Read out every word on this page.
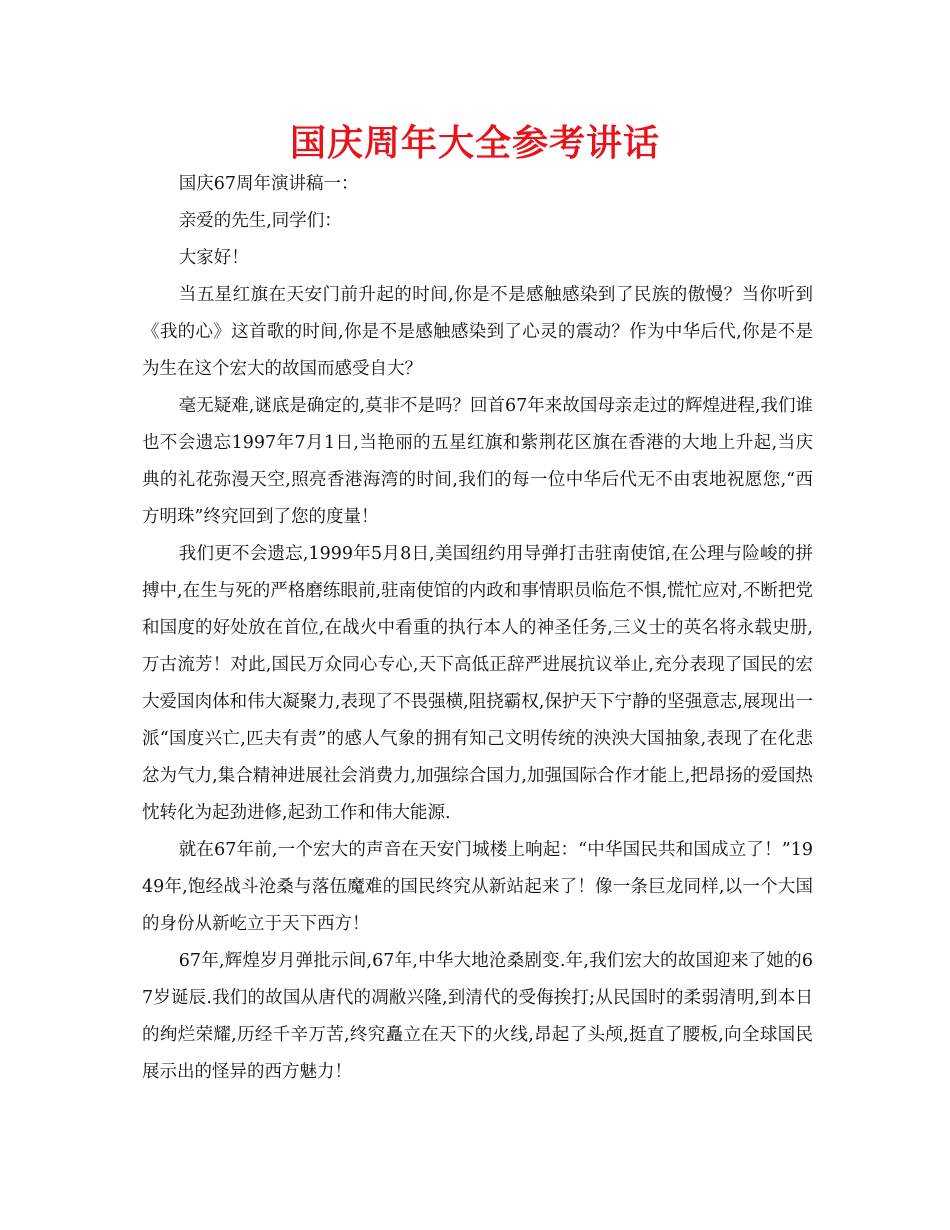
国庆周年大全参考讲话

国庆67周年演讲稿一：

亲爱的先生,同学们：

大家好！

当五星红旗在天安门前升起的时间,你是不是感触感染到了民族的傲慢？当你听到《我的心》这首歌的时间,你是不是感触感染到了心灵的震动？作为中华后代,你是不是为生在这个宏大的故国而感受自大？

毫无疑难,谜底是确定的,莫非不是吗？回首67年来故国母亲走过的辉煌进程,我们谁也不会遗忘1997年7月1日,当艳丽的五星红旗和紫荆花区旗在香港的大地上升起,当庆典的礼花弥漫天空,照亮香港海湾的时间,我们的每一位中华后代无不由衷地祝愿您,“西方明珠”终究回到了您的度量！

我们更不会遗忘,1999年5月8日,美国纽约用导弹打击驻南使馆,在公理与险峻的拼搏中,在生与死的严格磨练眼前,驻南使馆的内政和事情职员临危不惧,慌忙应对,不断把党和国度的好处放在首位,在战火中看重的执行本人的神圣任务,三义士的英名将永载史册,万古流芳！对此,国民万众同心专心,天下高低正辞严进展抗议举止,充分表现了国民的宏大爱国肉体和伟大凝聚力,表现了不畏强横,阻挠霸权,保护天下宁静的坚强意志,展现出一派“国度兴亡,匹夫有责”的感人气象的拥有知己文明传统的泱泱大国抽象,表现了在化悲忿为气力,集合精神进展社会消费力,加强综合国力,加强国际合作才能上,把昂扬的爱国热忱转化为起劲进修,起劲工作和伟大能源.

就在67年前,一个宏大的声音在天安门城楼上响起：“中华国民共和国成立了！”1949年,饱经战斗沧桑与落伍魔难的国民终究从新站起来了！像一条巨龙同样,以一个大国的身份从新屹立于天下西方！

67年,辉煌岁月弹批示间,67年,中华大地沧桑剧变.年,我们宏大的故国迎来了她的67岁诞辰.我们的故国从唐代的凋敝兴隆,到清代的受侮挨打;从民国时的柔弱清明,到本日的绚烂荣耀,历经千辛万苦,终究矗立在天下的火线,昂起了头颅,挺直了腰板,向全球国民展示出的怪异的西方魅力！
